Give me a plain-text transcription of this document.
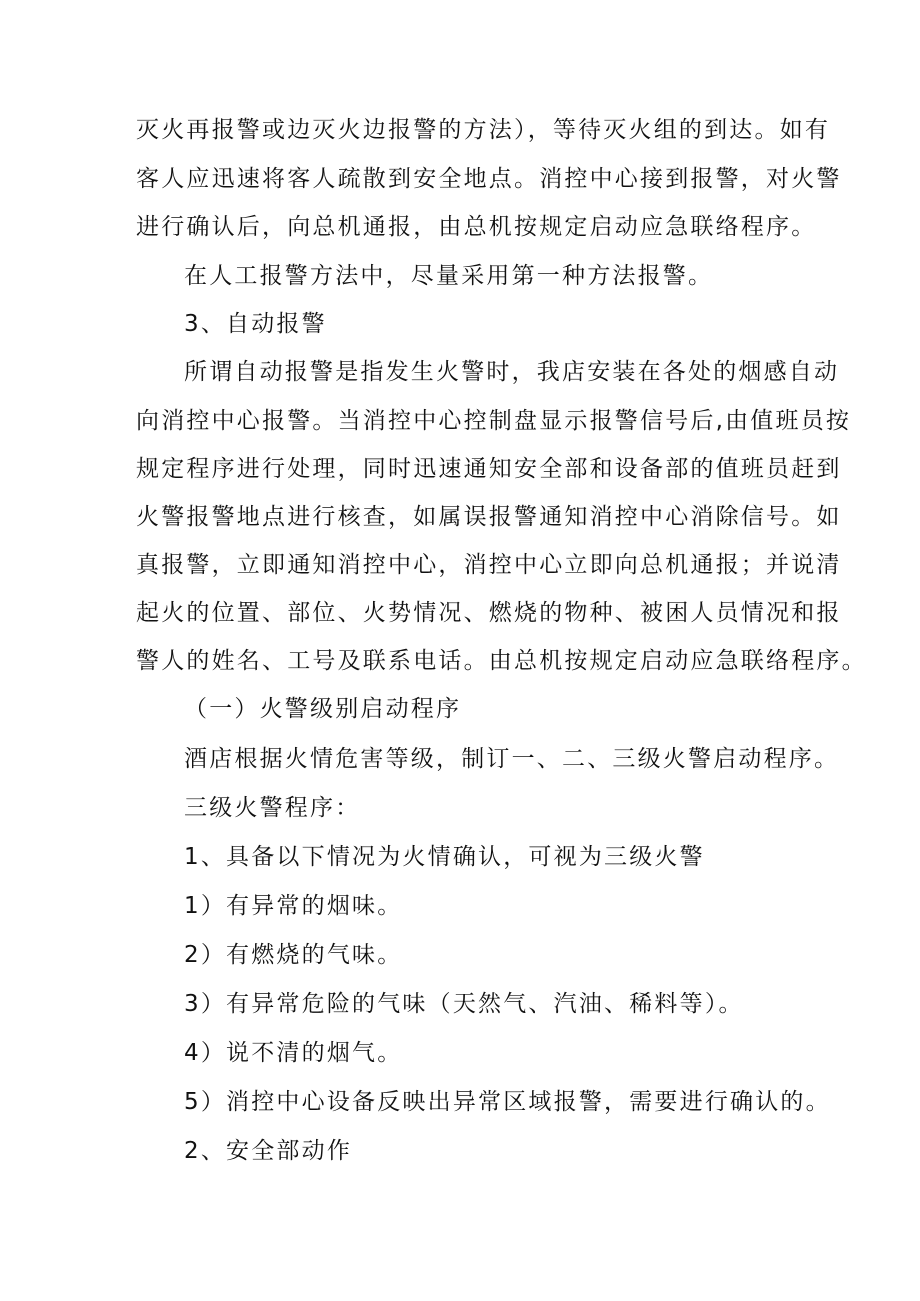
灭火再报警或边灭火边报警的方法），等待灭火组的到达。如有
客人应迅速将客人疏散到安全地点。消控中心接到报警，对火警
进行确认后，向总机通报，由总机按规定启动应急联络程序。
在人工报警方法中，尽量采用第一种方法报警。
3、自动报警
所谓自动报警是指发生火警时，我店安装在各处的烟感自动
向消控中心报警。当消控中心控制盘显示报警信号后,由值班员按
规定程序进行处理，同时迅速通知安全部和设备部的值班员赶到
火警报警地点进行核查，如属误报警通知消控中心消除信号。如
真报警，立即通知消控中心，消控中心立即向总机通报；并说清
起火的位置、部位、火势情况、燃烧的物种、被困人员情况和报
警人的姓名、工号及联系电话。由总机按规定启动应急联络程序。
（一）火警级别启动程序
酒店根据火情危害等级，制订一、二、三级火警启动程序。
三级火警程序：
1、具备以下情况为火情确认，可视为三级火警
1）有异常的烟味。
2）有燃烧的气味。
3）有异常危险的气味（天然气、汽油、稀料等）。
4）说不清的烟气。
5）消控中心设备反映出异常区域报警，需要进行确认的。
2、安全部动作
